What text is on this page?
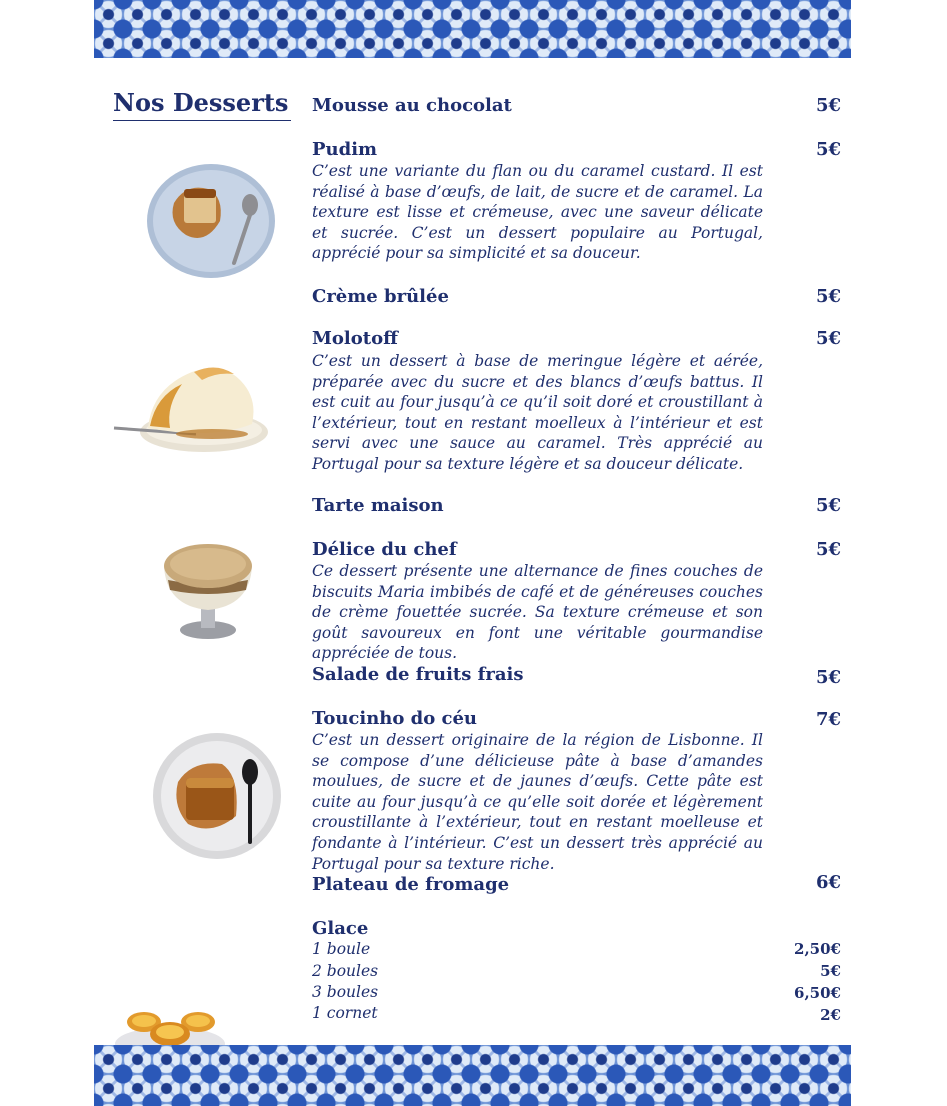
Nos Desserts Mousse au chocolat	5€
Pudim	5€

C’est une variante du flan ou du caramel custard. Il est réalisé à base d’œufs, de lait, de sucre et de caramel. La texture est lisse et crémeuse, avec une saveur délicate et sucrée. C’est un dessert populaire au Portugal, apprécié pour sa simplicité et sa douceur.

Crème brûlée	5€
Molotoff	5€

C’est un dessert à base de meringue légère et aérée, préparée avec du sucre et des blancs d’œufs battus. Il est cuit au four jusqu’à ce qu’il soit doré et croustillant à l’extérieur, tout en restant moelleux à l’intérieur et est servi avec une sauce au caramel. Très apprécié au Portugal pour sa texture légère et sa douceur délicate.

Tarte maison	5€
Délice du chef	5€

Ce dessert présente une alternance de fines couches de biscuits Maria imbibés de café et de généreuses couches de crème fouettée sucrée. Sa texture crémeuse et son goût savoureux en font une véritable gourmandise appréciée de tous.

Salade de fruits frais	5€
Toucinho do céu	7€

C’est un dessert originaire de la région de Lisbonne. Il se compose d’une délicieuse pâte à base d’amandes moulues, de sucre et de jaunes d’œufs. Cette pâte est cuite au four jusqu’à ce qu’elle soit dorée et légèrement croustillante à l’extérieur, tout en restant moelleuse et fondante à l’intérieur. C’est un dessert très apprécié au Portugal pour sa texture riche.

Plateau de fromage	6€
Glace
1 boule	2,50€
2 boules	5€
3 boules	6,50€
1 cornet	2€
